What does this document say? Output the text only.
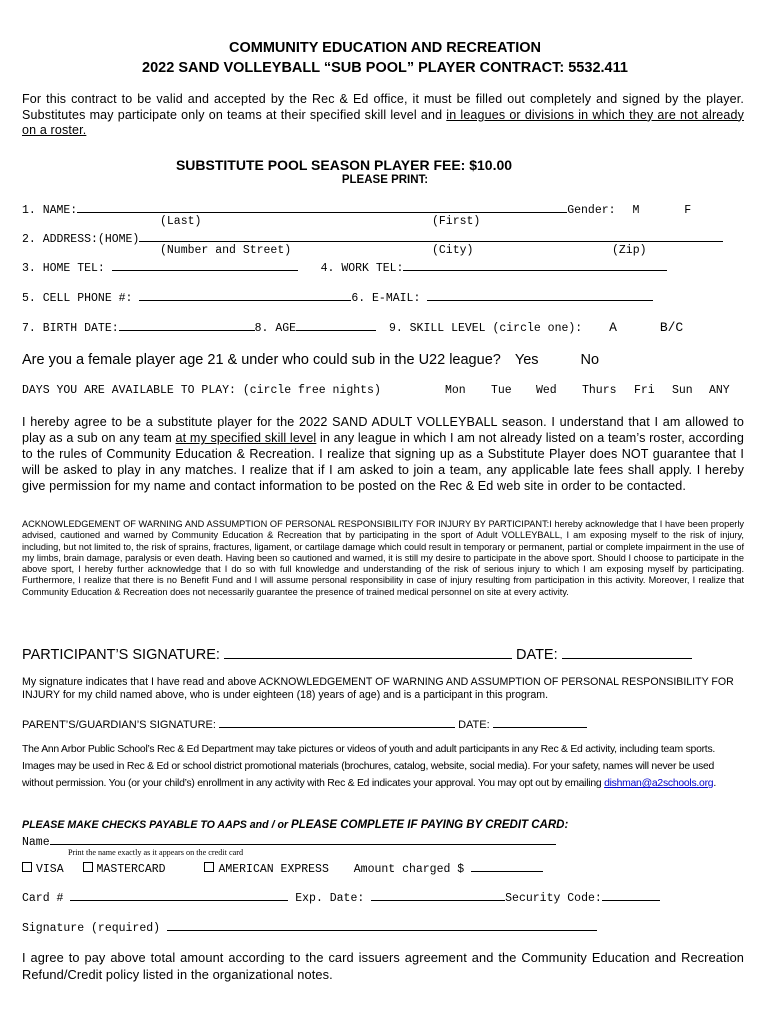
COMMUNITY EDUCATION AND RECREATION
2022 SAND VOLLEYBALL “SUB POOL” PLAYER CONTRACT: 5532.411
For this contract to be valid and accepted by the Rec & Ed office, it must be filled out completely and signed by the player. Substitutes may participate only on teams at their specified skill level and in leagues or divisions in which they are not already on a roster.
SUBSTITUTE POOL SEASON PLAYER FEE: $10.00
PLEASE PRINT:
1. NAME:	Gender: M	F
(Last)	(First)
2. ADDRESS:(HOME)
(Number and Street)	(City)	(Zip)
3. HOME TEL:	4. WORK TEL:
5. CELL PHONE #:	6. E-MAIL:
7. BIRTH DATE:	8. AGE	9. SKILL LEVEL (circle one): A	B/C
Are you a female player age 21 & under who could sub in the U22 league? Yes	No
DAYS YOU ARE AVAILABLE TO PLAY: (circle free nights)	Mon Tue Wed Thurs Fri Sun ANY
I hereby agree to be a substitute player for the 2022 SAND ADULT VOLLEYBALL season. I understand that I am allowed to play as a sub on any team at my specified skill level in any league in which I am not already listed on a team’s roster, according to the rules of Community Education & Recreation. I realize that signing up as a Substitute Player does NOT guarantee that I will be asked to play in any matches. I realize that if I am asked to join a team, any applicable late fees shall apply. I hereby give permission for my name and contact information to be posted on the Rec & Ed web site in order to be contacted.
ACKNOWLEDGEMENT OF WARNING AND ASSUMPTION OF PERSONAL RESPONSIBILITY FOR INJURY BY PARTICIPANT:I hereby acknowledge that I have been properly advised, cautioned and warned by Community Education & Recreation that by participating in the sport of Adult VOLLEYBALL, I am exposing myself to the risk of injury, including, but not limited to, the risk of sprains, fractures, ligament, or cartilage damage which could result in temporary or permanent, partial or complete impairment in the use of my limbs, brain damage, paralysis or even death. Having been so cautioned and warned, it is still my desire to participate in the above sport. Should I choose to participate in the above sport, I hereby further acknowledge that I do so with full knowledge and understanding of the risk of serious injury to which I am exposing myself by participating. Furthermore, I realize that there is no Benefit Fund and I will assume personal responsibility in case of injury resulting from participation in this activity. Moreover, I realize that Community Education & Recreation does not necessarily guarantee the presence of trained medical personnel on site at every activity.
PARTICIPANT’S SIGNATURE:	DATE:
My signature indicates that I have read and above ACKNOWLEDGEMENT OF WARNING AND ASSUMPTION OF PERSONAL RESPONSIBILITY FOR INJURY for my child named above, who is under eighteen (18) years of age) and is a participant in this program.
PARENT’S/GUARDIAN’S SIGNATURE:	DATE:
The Ann Arbor Public School’s Rec & Ed Department may take pictures or videos of youth and adult participants in any Rec & Ed activity, including team sports. Images may be used in Rec & Ed or school district promotional materials (brochures, catalog, website, social media). For your safety, names will never be used without permission. You (or your child’s) enrollment in any activity with Rec & Ed indicates your approval. You may opt out by emailing dishman@a2schools.org.
PLEASE MAKE CHECKS PAYABLE TO AAPS and / or PLEASE COMPLETE IF PAYING BY CREDIT CARD:
Name
Print the name exactly as it appears on the credit card
VISA	MASTERCARD	AMERICAN EXPRESS Amount charged $
Card #	Exp. Date:	Security Code:
Signature (required)
I agree to pay above total amount according to the card issuers agreement and the Community Education and Recreation Refund/Credit policy listed in the organizational notes.
